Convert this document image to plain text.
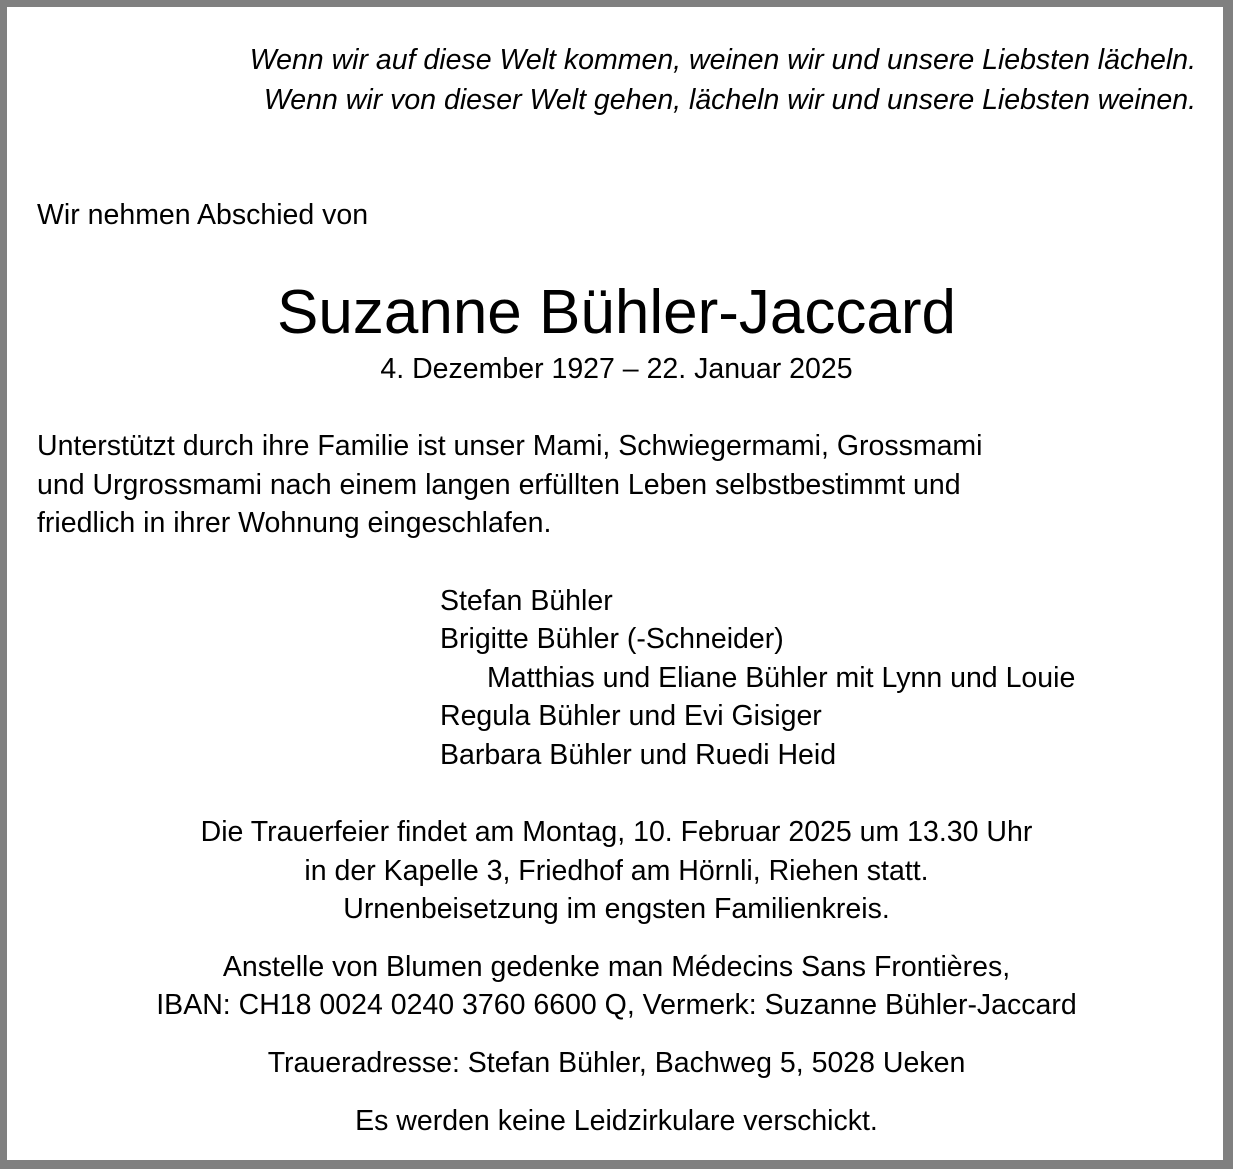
Wenn wir auf diese Welt kommen, weinen wir und unsere Liebsten lächeln.
Wenn wir von dieser Welt gehen, lächeln wir und unsere Liebsten weinen.
Wir nehmen Abschied von
Suzanne Bühler-Jaccard
4. Dezember 1927 – 22. Januar 2025
Unterstützt durch ihre Familie ist unser Mami, Schwiegermami, Grossmami
und Urgrossmami nach einem langen erfüllten Leben selbstbestimmt und
friedlich in ihrer Wohnung eingeschlafen.
Stefan Bühler
Brigitte Bühler (-Schneider)
Matthias und Eliane Bühler mit Lynn und Louie
Regula Bühler und Evi Gisiger
Barbara Bühler und Ruedi Heid
Die Trauerfeier findet am Montag, 10. Februar 2025 um 13.30 Uhr
in der Kapelle 3, Friedhof am Hörnli, Riehen statt.
Urnenbeisetzung im engsten Familienkreis.
Anstelle von Blumen gedenke man Médecins Sans Frontières,
IBAN: CH18 0024 0240 3760 6600 Q, Vermerk: Suzanne Bühler-Jaccard
Traueradresse: Stefan Bühler, Bachweg 5, 5028 Ueken
Es werden keine Leidzirkulare verschickt.
